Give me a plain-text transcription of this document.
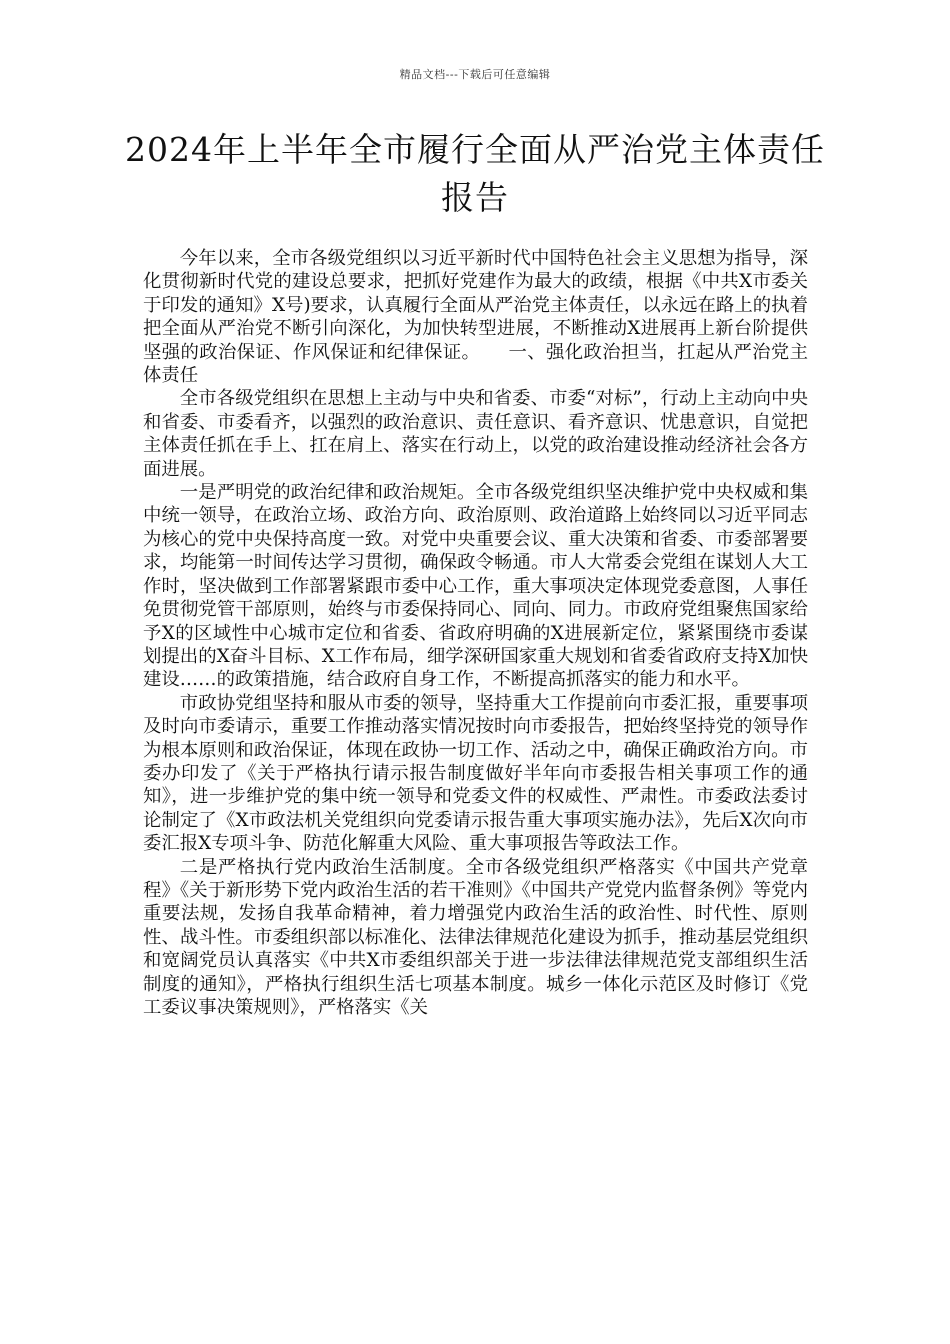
精品文档---下载后可任意编辑
2024年上半年全市履行全面从严治党主体责任报告

今年以来，全市各级党组织以习近平新时代中国特色社会主义思想为指导，深化贯彻新时代党的建设总要求，把抓好党建作为最大的政绩，根据《中共X市委关于印发的通知》X号)要求，认真履行全面从严治党主体责任，以永远在路上的执着把全面从严治党不断引向深化，为加快转型进展，不断推动X进展再上新台阶提供坚强的政治保证、作风保证和纪律保证。　　一、强化政治担当，扛起从严治党主体责任

全市各级党组织在思想上主动与中央和省委、市委“对标”，行动上主动向中央和省委、市委看齐，以强烈的政治意识、责任意识、看齐意识、忧患意识，自觉把主体责任抓在手上、扛在肩上、落实在行动上，以党的政治建设推动经济社会各方面进展。

一是严明党的政治纪律和政治规矩。全市各级党组织坚决维护党中央权威和集中统一领导，在政治立场、政治方向、政治原则、政治道路上始终同以习近平同志为核心的党中央保持高度一致。对党中央重要会议、重大决策和省委、市委部署要求，均能第一时间传达学习贯彻，确保政令畅通。市人大常委会党组在谋划人大工作时，坚决做到工作部署紧跟市委中心工作，重大事项决定体现党委意图，人事任免贯彻党管干部原则，始终与市委保持同心、同向、同力。市政府党组聚焦国家给予X的区域性中心城市定位和省委、省政府明确的X进展新定位，紧紧围绕市委谋划提出的X奋斗目标、X工作布局，细学深研国家重大规划和省委省政府支持X加快建设……的政策措施，结合政府自身工作，不断提高抓落实的能力和水平。

市政协党组坚持和服从市委的领导，坚持重大工作提前向市委汇报，重要事项及时向市委请示，重要工作推动落实情况按时向市委报告，把始终坚持党的领导作为根本原则和政治保证，体现在政协一切工作、活动之中，确保正确政治方向。市委办印发了《关于严格执行请示报告制度做好半年向市委报告相关事项工作的通知》，进一步维护党的集中统一领导和党委文件的权威性、严肃性。市委政法委讨论制定了《X市政法机关党组织向党委请示报告重大事项实施办法》，先后X次向市委汇报X专项斗争、防范化解重大风险、重大事项报告等政法工作。

二是严格执行党内政治生活制度。全市各级党组织严格落实《中国共产党章程》《关于新形势下党内政治生活的若干准则》《中国共产党党内监督条例》等党内重要法规，发扬自我革命精神，着力增强党内政治生活的政治性、时代性、原则性、战斗性。市委组织部以标准化、法律法律规范化建设为抓手，推动基层党组织和宽阔党员认真落实《中共X市委组织部关于进一步法律法律规范党支部组织生活制度的通知》，严格执行组织生活七项基本制度。城乡一体化示范区及时修订《党工委议事决策规则》，严格落实《关
